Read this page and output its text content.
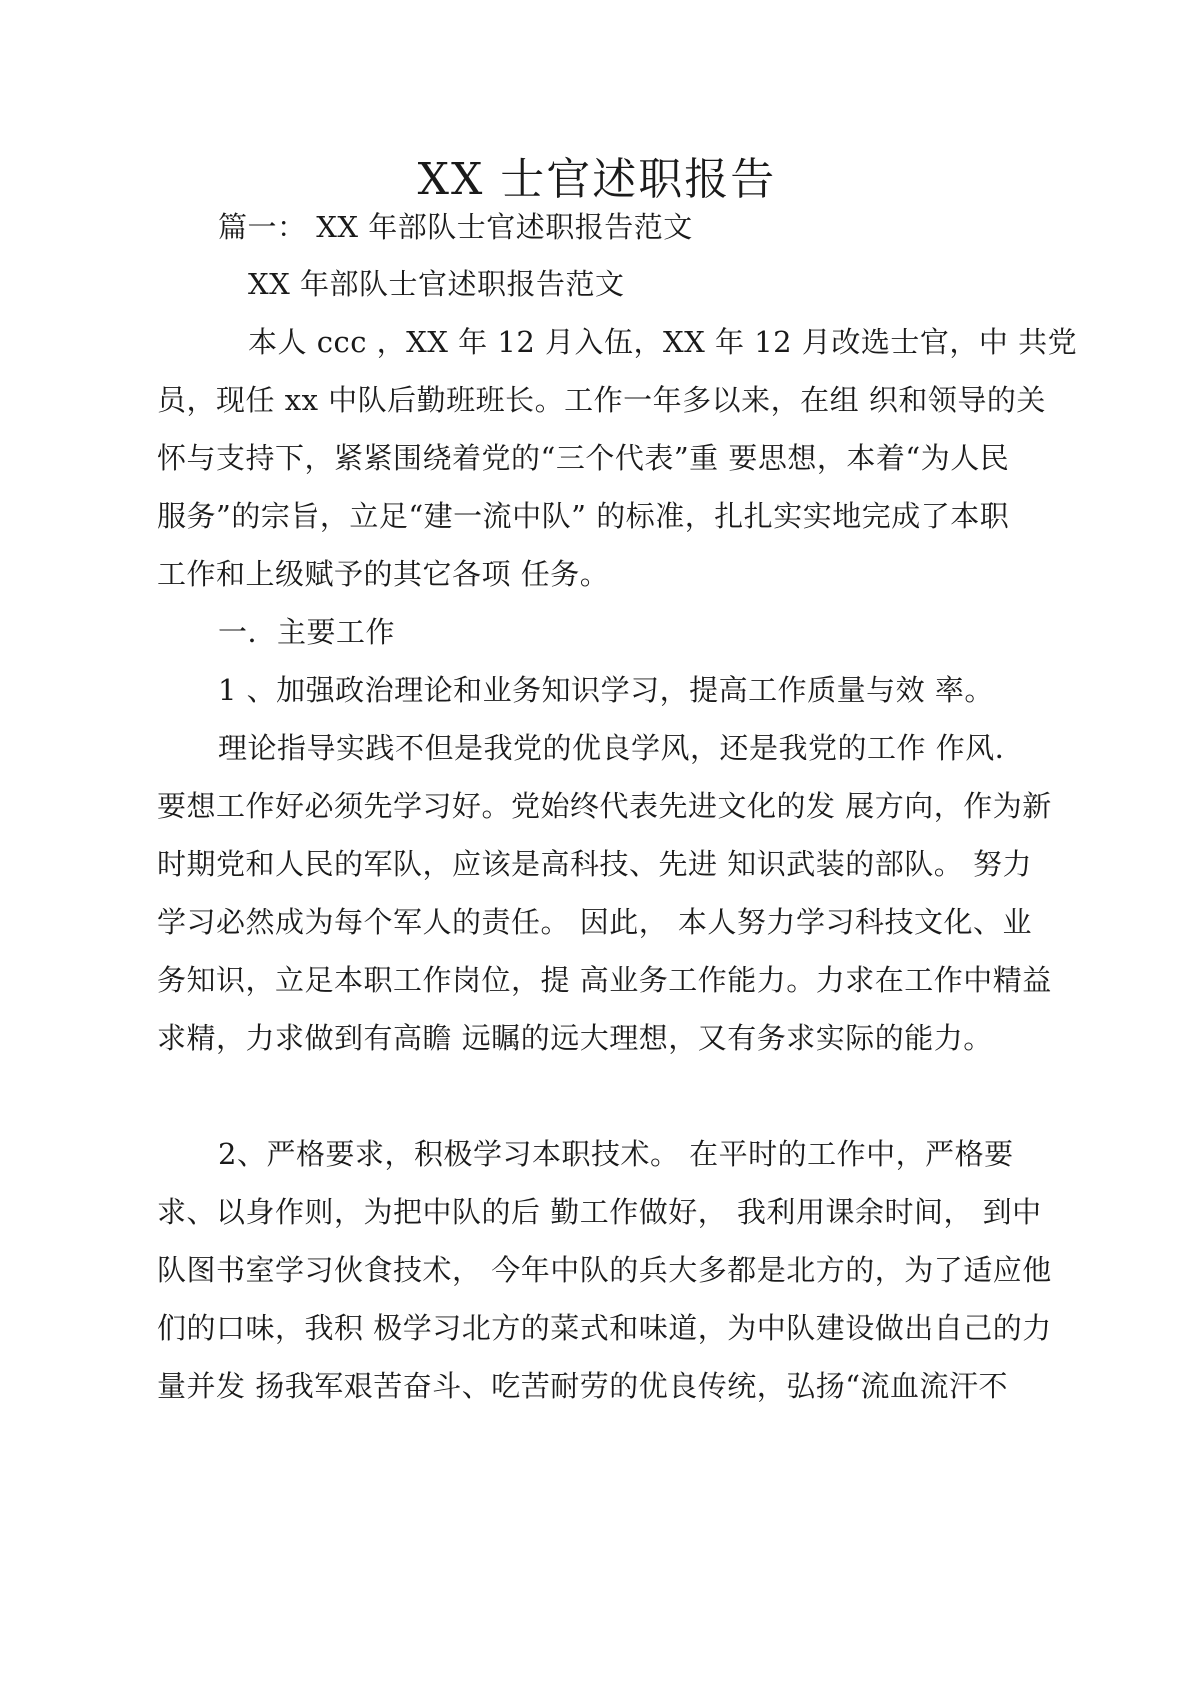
XX 士官述职报告
篇一： XX 年部队士官述职报告范文
XX 年部队士官述职报告范文
本人 ccc ，XX 年 12 月入伍，XX 年 12 月改选士官，中 共党
员，现任 xx 中队后勤班班长。工作一年多以来，在组 织和领导的关
怀与支持下，紧紧围绕着党的“三个代表”重 要思想，本着“为人民
服务”的宗旨，立足“建一流中队” 的标准，扎扎实实地完成了本职
工作和上级赋予的其它各项 任务。
一．主要工作
1 、加强政治理论和业务知识学习，提高工作质量与效 率。
理论指导实践不但是我党的优良学风，还是我党的工作 作风．
要想工作好必须先学习好。党始终代表先进文化的发 展方向，作为新
时期党和人民的军队，应该是高科技、先进 知识武装的部队。 努力
学习必然成为每个军人的责任。 因此， 本人努力学习科技文化、业
务知识，立足本职工作岗位，提 高业务工作能力。力求在工作中精益
求精，力求做到有高瞻 远瞩的远大理想，又有务求实际的能力。
2、严格要求，积极学习本职技术。 在平时的工作中，严格要
求、以身作则，为把中队的后 勤工作做好， 我利用课余时间， 到中
队图书室学习伙食技术， 今年中队的兵大多都是北方的，为了适应他
们的口味，我积 极学习北方的菜式和味道，为中队建设做出自己的力
量并发 扬我军艰苦奋斗、吃苦耐劳的优良传统，弘扬“流血流汗不
